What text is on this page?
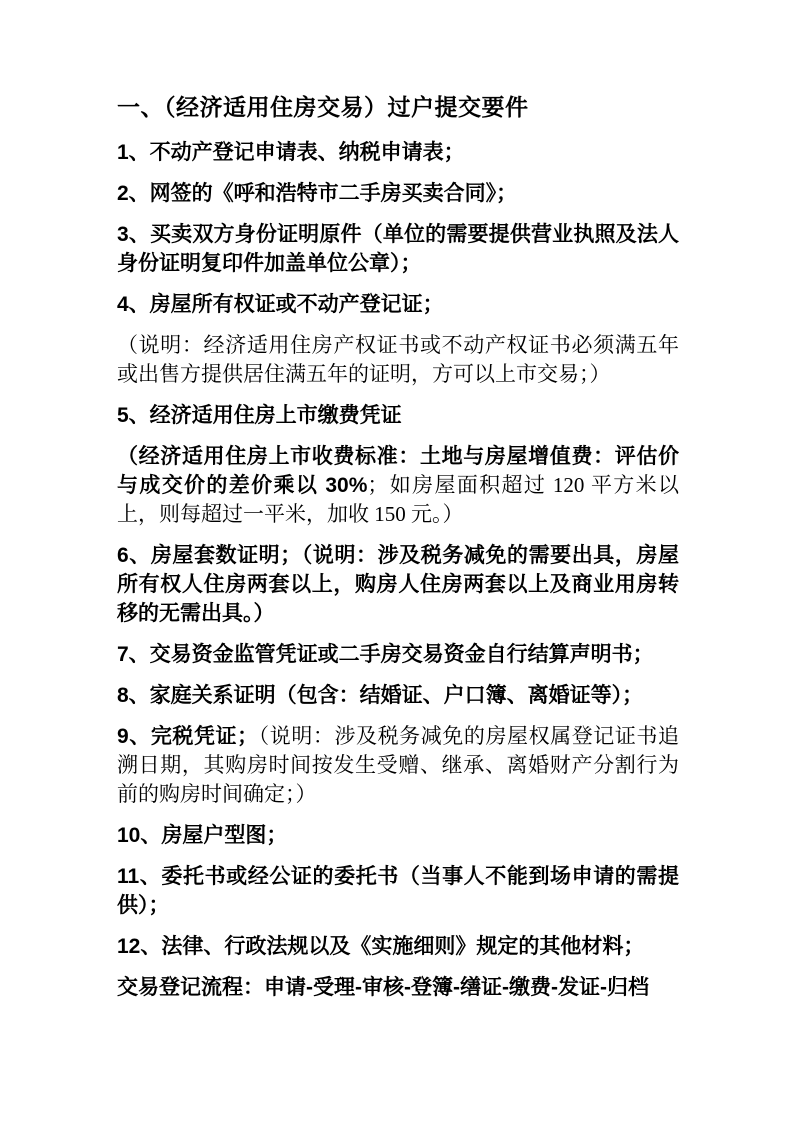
一、（经济适用住房交易）过户提交要件

1、不动产登记申请表、纳税申请表；

2、网签的《呼和浩特市二手房买卖合同》；

3、买卖双方身份证明原件（单位的需要提供营业执照及法人身份证明复印件加盖单位公章）；

4、房屋所有权证或不动产登记证；

（说明：经济适用住房产权证书或不动产权证书必须满五年或出售方提供居住满五年的证明，方可以上市交易；）

5、经济适用住房上市缴费凭证

（经济适用住房上市收费标准：土地与房屋增值费：评估价与成交价的差价乘以 30%；如房屋面积超过 120 平方米以上，则每超过一平米，加收 150 元。）

6、房屋套数证明；（说明：涉及税务减免的需要出具，房屋所有权人住房两套以上，购房人住房两套以上及商业用房转移的无需出具。）

7、交易资金监管凭证或二手房交易资金自行结算声明书；

8、家庭关系证明（包含：结婚证、户口簿、离婚证等）；

9、完税凭证；（说明：涉及税务减免的房屋权属登记证书追溯日期，其购房时间按发生受赠、继承、离婚财产分割行为前的购房时间确定；）

10、房屋户型图；

11、委托书或经公证的委托书（当事人不能到场申请的需提供）；

12、法律、行政法规以及《实施细则》规定的其他材料；

交易登记流程：申请-受理-审核-登簿-缮证-缴费-发证-归档
